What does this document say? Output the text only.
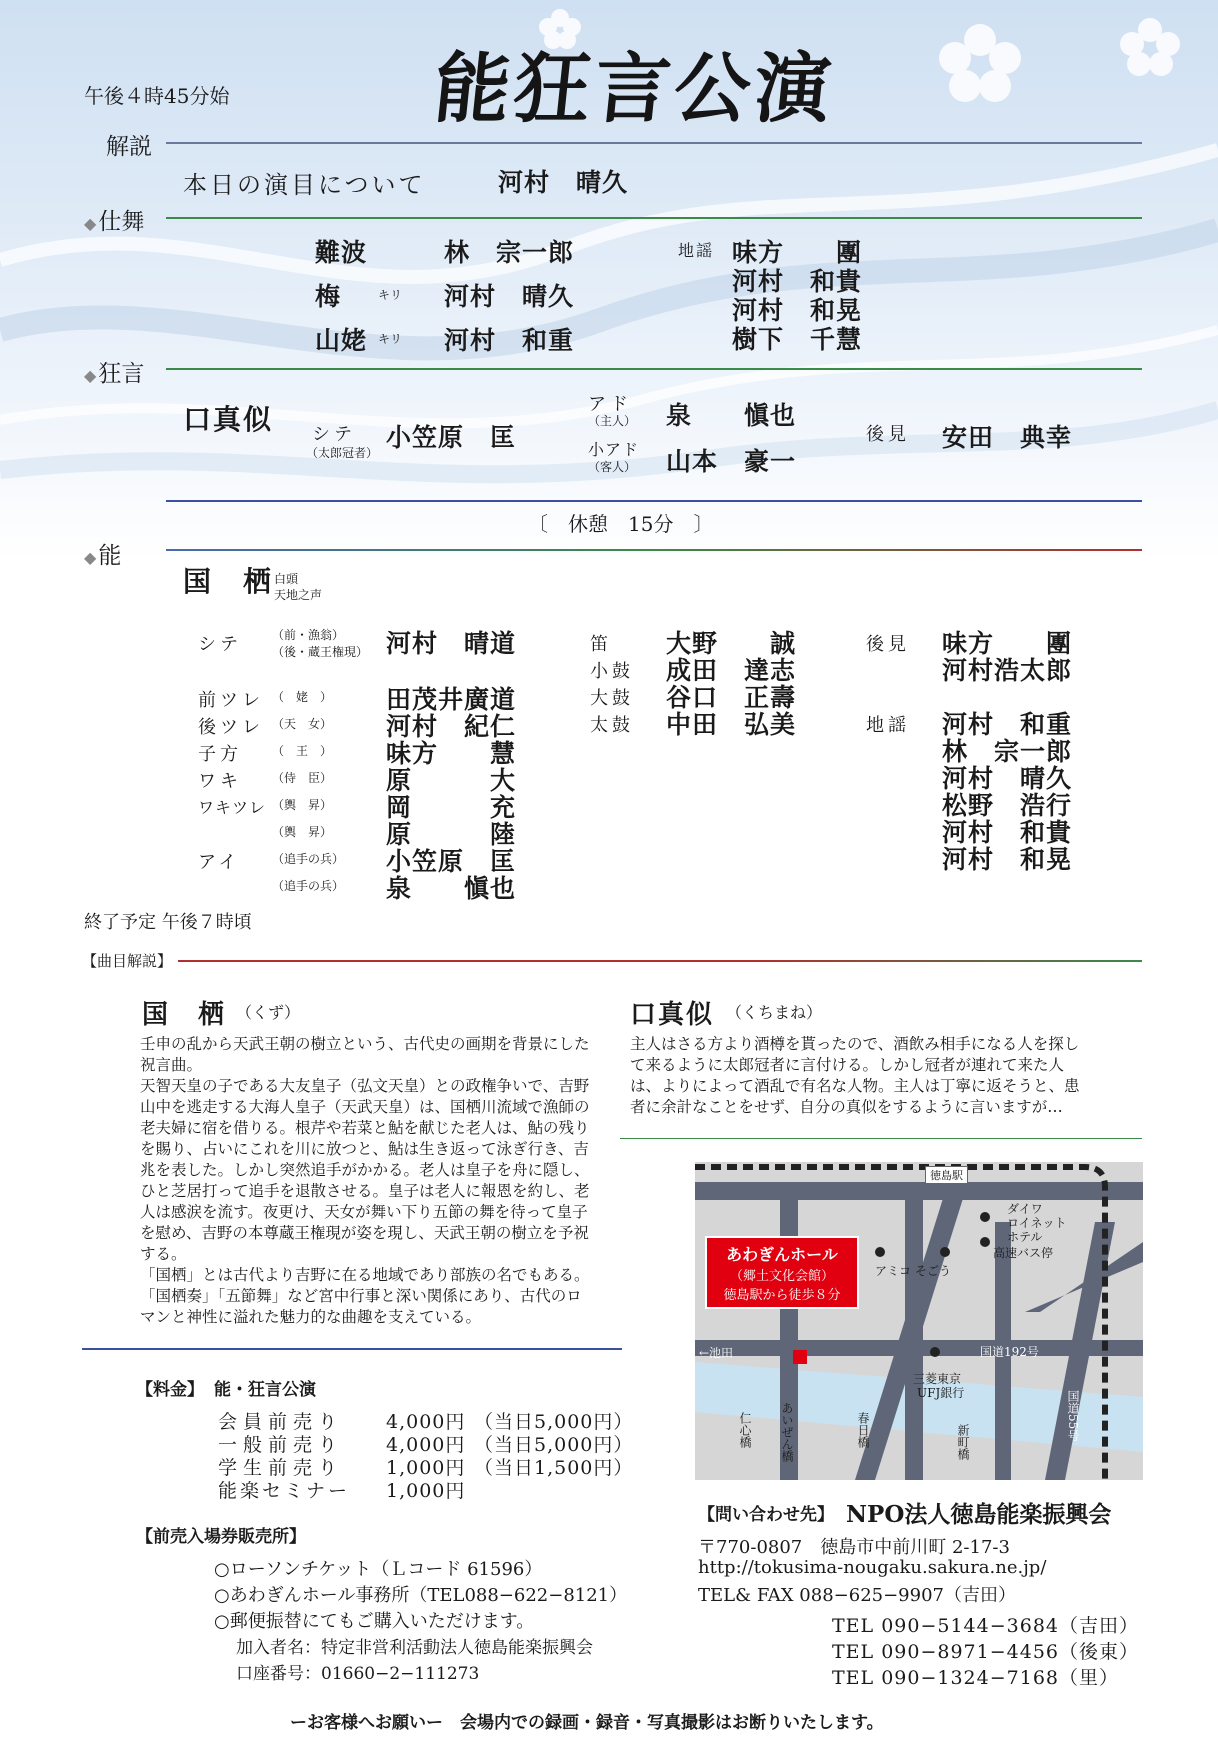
午後４時45分始	能狂言公演
解説
本日の演目について	河村　晴久
◆仕舞
難波	林　宗一郎
梅	キリ 河村　晴久
山姥 キリ 河村　和重
地謡 味方　　團
河村　和貴
河村　和晃
樹下　千慧
◆狂言
口真似 シテ
（太郎冠者）
小笠原　匡
アド
（主人） 泉　　愼也
小アド
（客人） 山本　豪一
後見 安田　典幸
〔　休憩　15分　〕
◆能
国　栖 白頭
天地之声
シテ	（前・漁翁）
（後・蔵王権現） 河村　晴道
前ツレ （　姥　） 田茂井廣道
後ツレ （天　女） 河村　紀仁
子方	（　王　） 味方　　慧
ワキ	（侍　臣） 原　　　大
ワキツレ （輿　昇） 岡　　　充
（輿　昇） 原　　　陸
アイ	（追手の兵） 小笠原　匡
（追手の兵） 泉　　愼也
笛 大野　　誠
小鼓 成田　達志
大鼓 谷口　正壽
太鼓 中田　弘美
後見 味方　　團
河村浩太郎
地謡 河村　和重
林　宗一郎
河村　晴久
松野　浩行
河村　和貴
河村　和晃
終了予定 午後７時頃
【曲目解説】
国　栖 （くず）
壬申の乱から天武王朝の樹立という、古代史の画期を背景にした祝言曲。
天智天皇の子である大友皇子（弘文天皇）との政権争いで、吉野山中を逃走する大海人皇子（天武天皇）は、国栖川流域で漁師の老夫婦に宿を借りる。根芹や若菜と鮎を献じた老人は、鮎の残りを賜り、占いにこれを川に放つと、鮎は生き返って泳ぎ行き、吉兆を表した。しかし突然追手がかかる。老人は皇子を舟に隠し、ひと芝居打って追手を退散させる。皇子は老人に報恩を約し、老人は感涙を流す。夜更け、天女が舞い下り五節の舞を待って皇子を慰め、吉野の本尊蔵王権現が姿を現し、天武王朝の樹立を予祝する。
「国栖」とは古代より吉野に在る地域であり部族の名でもある。「国栖奏」「五節舞」など宮中行事と深い関係にあり、古代のロマンと神性に溢れた魅力的な曲趣を支えている。
口真似 （くちまね）
主人はさる方より酒樽を貰ったので、酒飲み相手になる人を探して来るように太郎冠者に言付ける。しかし冠者が連れて来た人は、よりによって酒乱で有名な人物。主人は丁寧に返そうと、患者に余計なことをせず、自分の真似をするように言いますが…
【料金】 能・狂言公演
会員前売り 4,000円 （当日5,000円）
一般前売り 4,000円 （当日5,000円）
学生前売り 1,000円 （当日1,500円）
能楽セミナー 1,000円
【前売入場券販売所】
○ローソンチケット（Ｌコード 61596）
○あわぎんホール事務所（TEL088−622−8121）
○郵便振替にてもご購入いただけます。
加入者名：特定非営利活動法人徳島能楽振興会
口座番号：01660−2−111273
徳島駅
ダイワ
ロイネット
ホテル
高速バス停
アミコ そごう
あわぎんホール
（郷土文化会館）
徳島駅から徒歩８分
←池田	国道192号
三菱東京
UFJ銀行
仁心橋 あいぜん橋	春日橋	新町橋
国道55号
【問い合わせ先】 NPO法人徳島能楽振興会
〒770-0807　徳島市中前川町 2-17-3
http://tokusima-nougaku.sakura.ne.jp/
TEL& FAX 088−625−9907（吉田）
TEL 090−5144−3684（吉田）
TEL 090−8971−4456（後東）
TEL 090−1324−7168（里）
ーお客様へお願いー　会場内での録画・録音・写真撮影はお断りいたします。
